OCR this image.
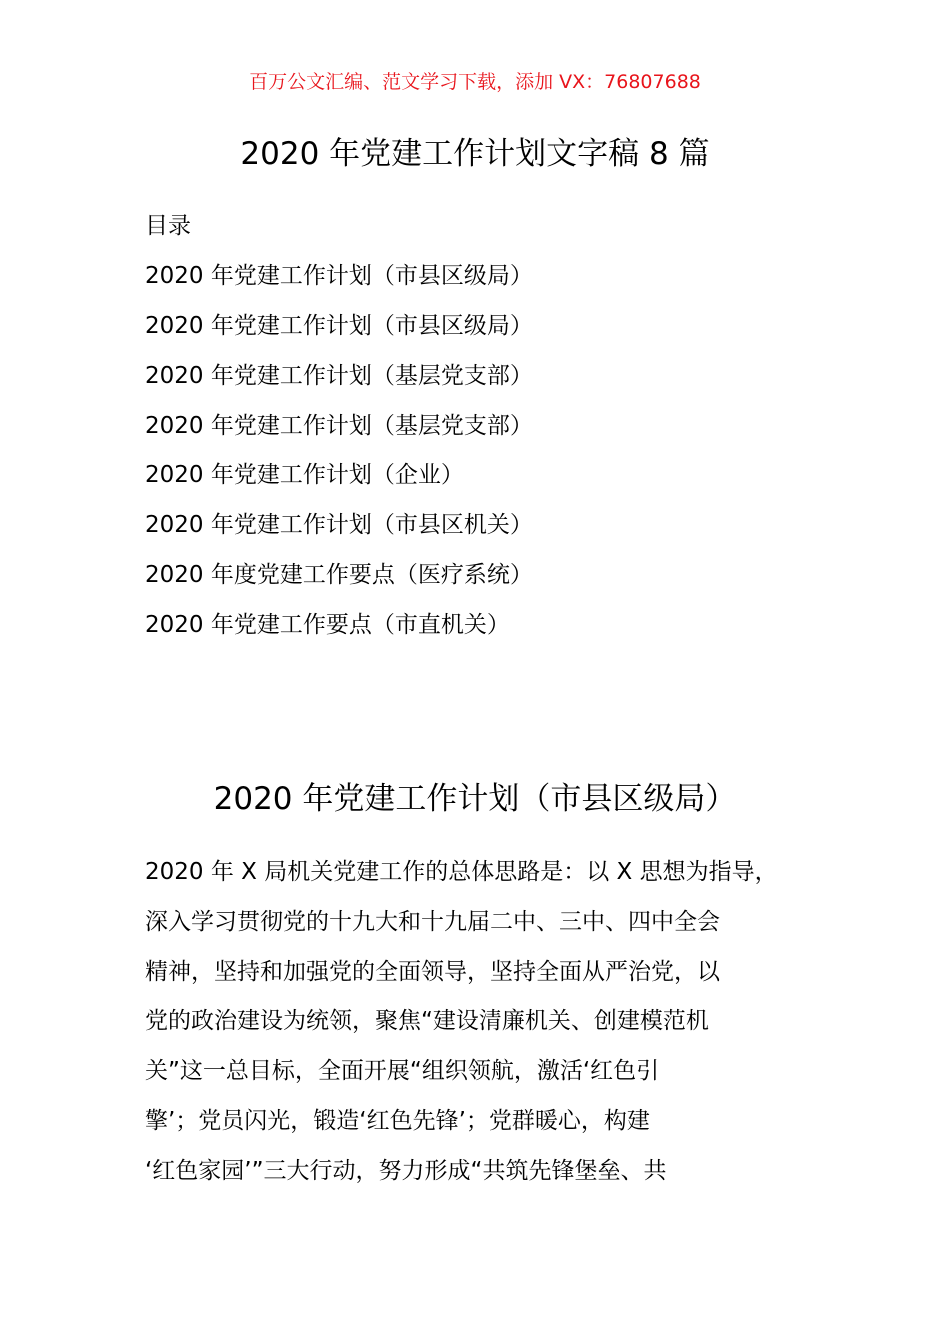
百万公文汇编、范文学习下载，添加 VX：76807688
2020 年党建工作计划文字稿 8 篇
目录
2020 年党建工作计划（市县区级局）
2020 年党建工作计划（市县区级局）
2020 年党建工作计划（基层党支部）
2020 年党建工作计划（基层党支部）
2020 年党建工作计划（企业）
2020 年党建工作计划（市县区机关）
2020 年度党建工作要点（医疗系统）
2020 年党建工作要点（市直机关）
2020 年党建工作计划（市县区级局）
2020 年 X 局机关党建工作的总体思路是：以 X 思想为指导，
深入学习贯彻党的十九大和十九届二中、三中、四中全会
精神，坚持和加强党的全面领导，坚持全面从严治党，以
党的政治建设为统领，聚焦“建设清廉机关、创建模范机
关”这一总目标，全面开展“组织领航，激活‘红色引
擎’；党员闪光，锻造‘红色先锋’；党群暖心，构建
‘红色家园’”三大行动，努力形成“共筑先锋堡垒、共
